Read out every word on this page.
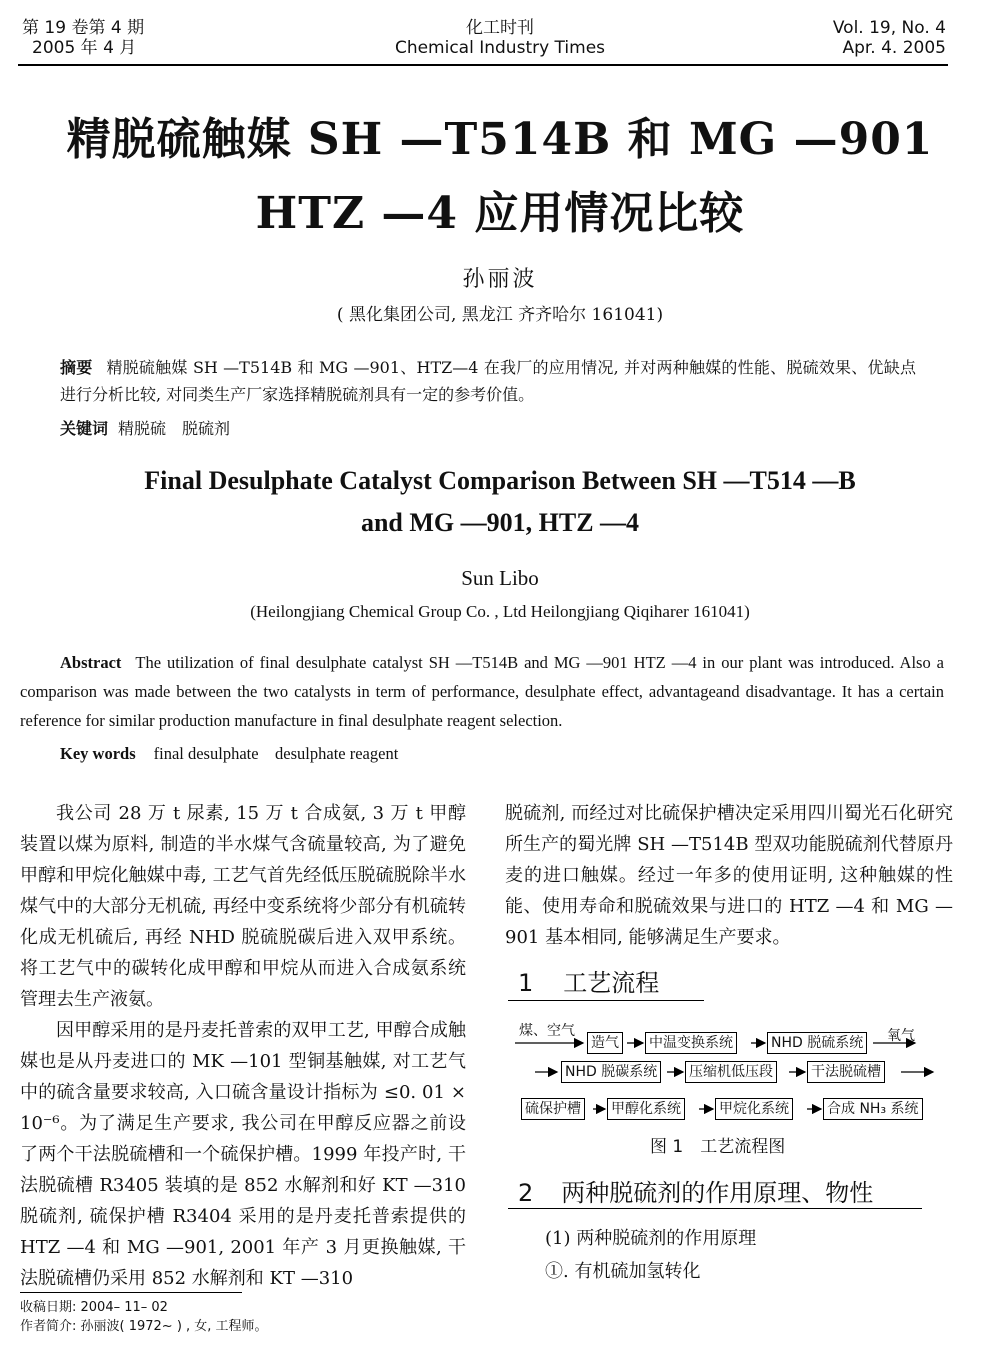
第 19 卷第 4 期
2005 年 4 月
化工时刊
Chemical Industry Times
Vol. 19, No. 4
Apr. 4. 2005
精脱硫触媒 SH —T514B 和 MG —901
HTZ —4 应用情况比较
孙丽波
( 黑化集团公司, 黑龙江 齐齐哈尔 161041)
摘要 精脱硫触媒 SH —T514B 和 MG —901、HTZ—4 在我厂的应用情况, 并对两种触媒的性能、脱硫效果、优缺点进行分析比较, 对同类生产厂家选择精脱硫剂具有一定的参考价值。
关键词 精脱硫　脱硫剂
Final Desulphate Catalyst Comparison Between SH —T514 —B
and MG —901, HTZ —4
Sun Libo
(Heilongjiang Chemical Group Co. , Ltd Heilongjiang Qiqiharer 161041)
Abstract The utilization of final desulphate catalyst SH —T514B and MG —901 HTZ —4 in our plant was introduced. Also a comparison was made between the two catalysts in term of performance, desulphate effect, advantageand disadvantage. It has a certain reference for similar production manufacture in final desulphate reagent selection.
Key words final desulphate　desulphate reagent

我公司 28 万 t 尿素, 15 万 t 合成氨, 3 万 t 甲醇装置以煤为原料, 制造的半水煤气含硫量较高, 为了避免甲醇和甲烷化触媒中毒, 工艺气首先经低压脱硫脱除半水煤气中的大部分无机硫, 再经中变系统将少部分有机硫转化成无机硫后, 再经 NHD 脱硫脱碳后进入双甲系统。将工艺气中的碳转化成甲醇和甲烷从而进入合成氨系统管理去生产液氨。

因甲醇采用的是丹麦托普索的双甲工艺, 甲醇合成触媒也是从丹麦进口的 MK —101 型铜基触媒, 对工艺气中的硫含量要求较高, 入口硫含量设计指标为 ≤0. 01 × 10⁻⁶。为了满足生产要求, 我公司在甲醇反应器之前设了两个干法脱硫槽和一个硫保护槽。1999 年投产时, 干法脱硫槽 R3405 装填的是 852 水解剂和好 KT —310 脱硫剂, 硫保护槽 R3404 采用的是丹麦托普索提供的 HTZ —4 和 MG —901, 2001 年产 3 月更换触媒, 干法脱硫槽仍采用 852 水解剂和 KT —310

脱硫剂, 而经过对比硫保护槽决定采用四川蜀光石化研究所生产的蜀光牌 SH —T514B 型双功能脱硫剂代替原丹麦的进口触媒。经过一年多的使用证明, 这种触媒的性能、使用寿命和脱硫效果与进口的 HTZ —4 和 MG —901 基本相同, 能够满足生产要求。

1 工艺流程
煤、空气	氧气
造气 中温变换系统	NHD 脱硫系统
NHD 脱碳系统 压缩机低压段	干法脱硫槽
硫保护槽 甲醇化系统	甲烷化系统	合成 NH₃ 系统
图 1　工艺流程图
2 两种脱硫剂的作用原理、物性
(1) 两种脱硫剂的作用原理
①. 有机硫加氢转化
收稿日期: 2004– 11– 02
作者简介: 孙丽波( 1972~ ) , 女, 工程师。
